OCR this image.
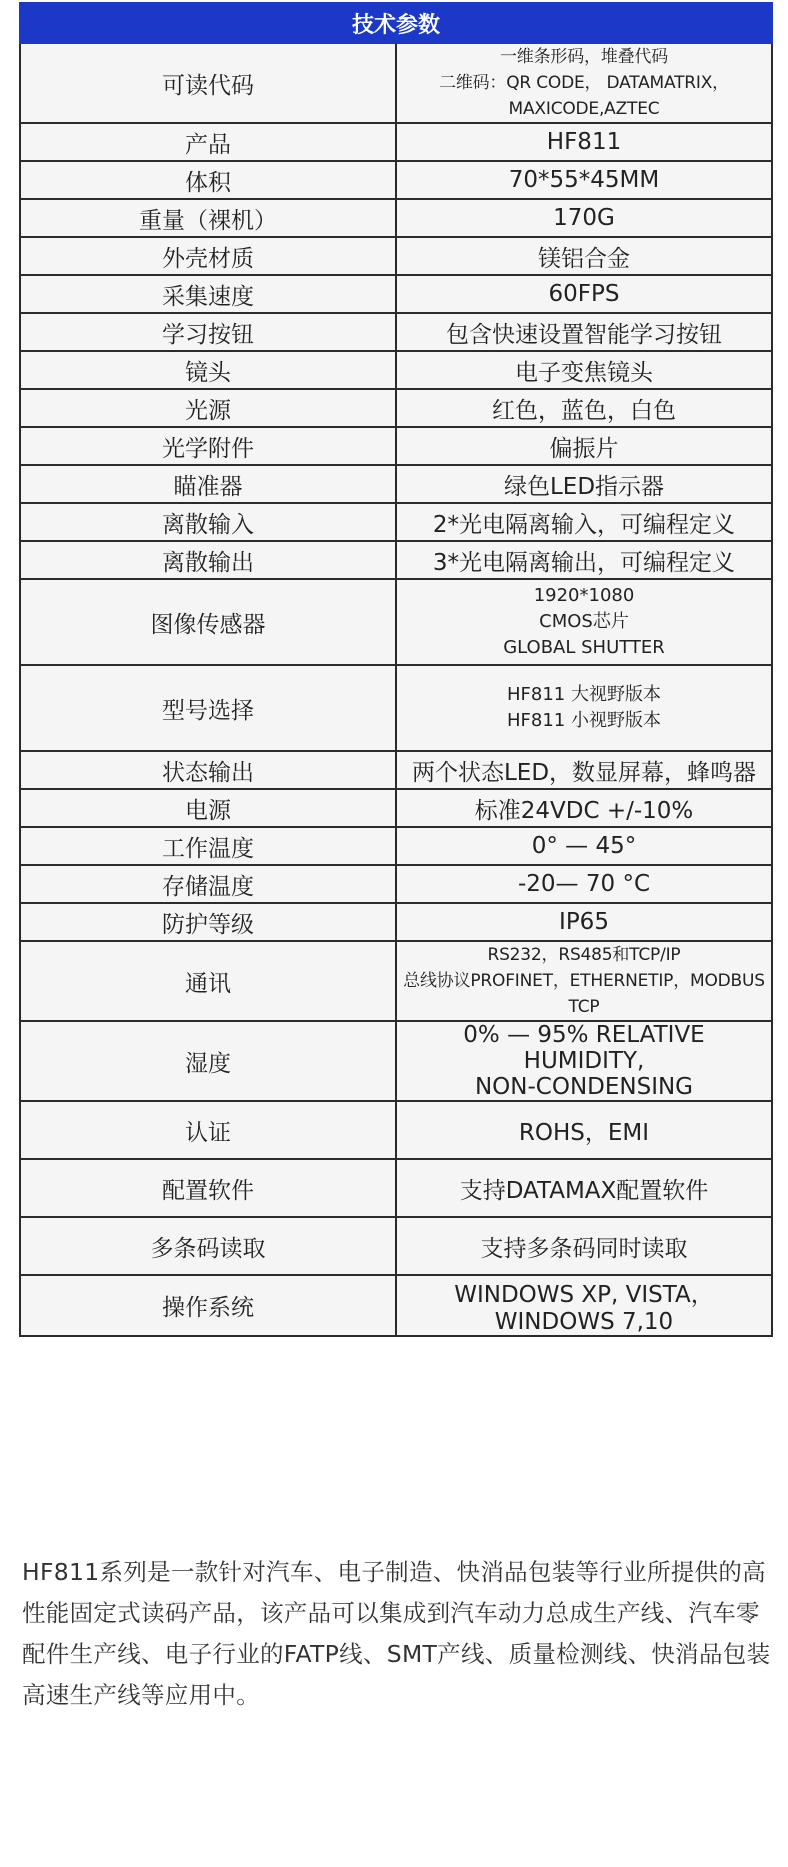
技术参数	
可读代码	一维条形码，堆叠代码
二维码：QR CODE， DATAMATRIX，MAXICODE,AZTEC

产品	HF811

体积	70*55*45MM

重量（裸机）	170G

外壳材质	镁铝合金

采集速度	60FPS

学习按钮	包含快速设置智能学习按钮

镜头	电子变焦镜头

光源	红色，蓝色，白色

光学附件	偏振片

瞄准器	绿色LED指示器

离散输入	2*光电隔离输入，可编程定义

离散输出	3*光电隔离输出，可编程定义

图像传感器	1920*1080
CMOS芯片
GLOBAL SHUTTER

型号选择	HF811 大视野版本
HF811 小视野版本

状态输出	两个状态LED，数显屏幕，蜂鸣器

电源	标准24VDC +/-10%

工作温度	0° — 45°

存储温度	-20— 70 °C

防护等级	IP65

通讯	RS232，RS485和TCP/IP
总线协议PROFINET，ETHERNETIP，MODBUS TCP

湿度	0% — 95% RELATIVE HUMIDITY,
NON-CONDENSING

认证	ROHS，EMI

配置软件	支持DATAMAX配置软件

多条码读取	支持多条码同时读取

操作系统	WINDOWS XP, VISTA， WINDOWS 7,10
HF811系列是一款针对汽车、电子制造、快消品包装等行业所提供的高性能固定式读码产品，该产品可以集成到汽车动力总成生产线、汽车零配件生产线、电子行业的FATP线、SMT产线、质量检测线、快消品包装高速生产线等应用中。
